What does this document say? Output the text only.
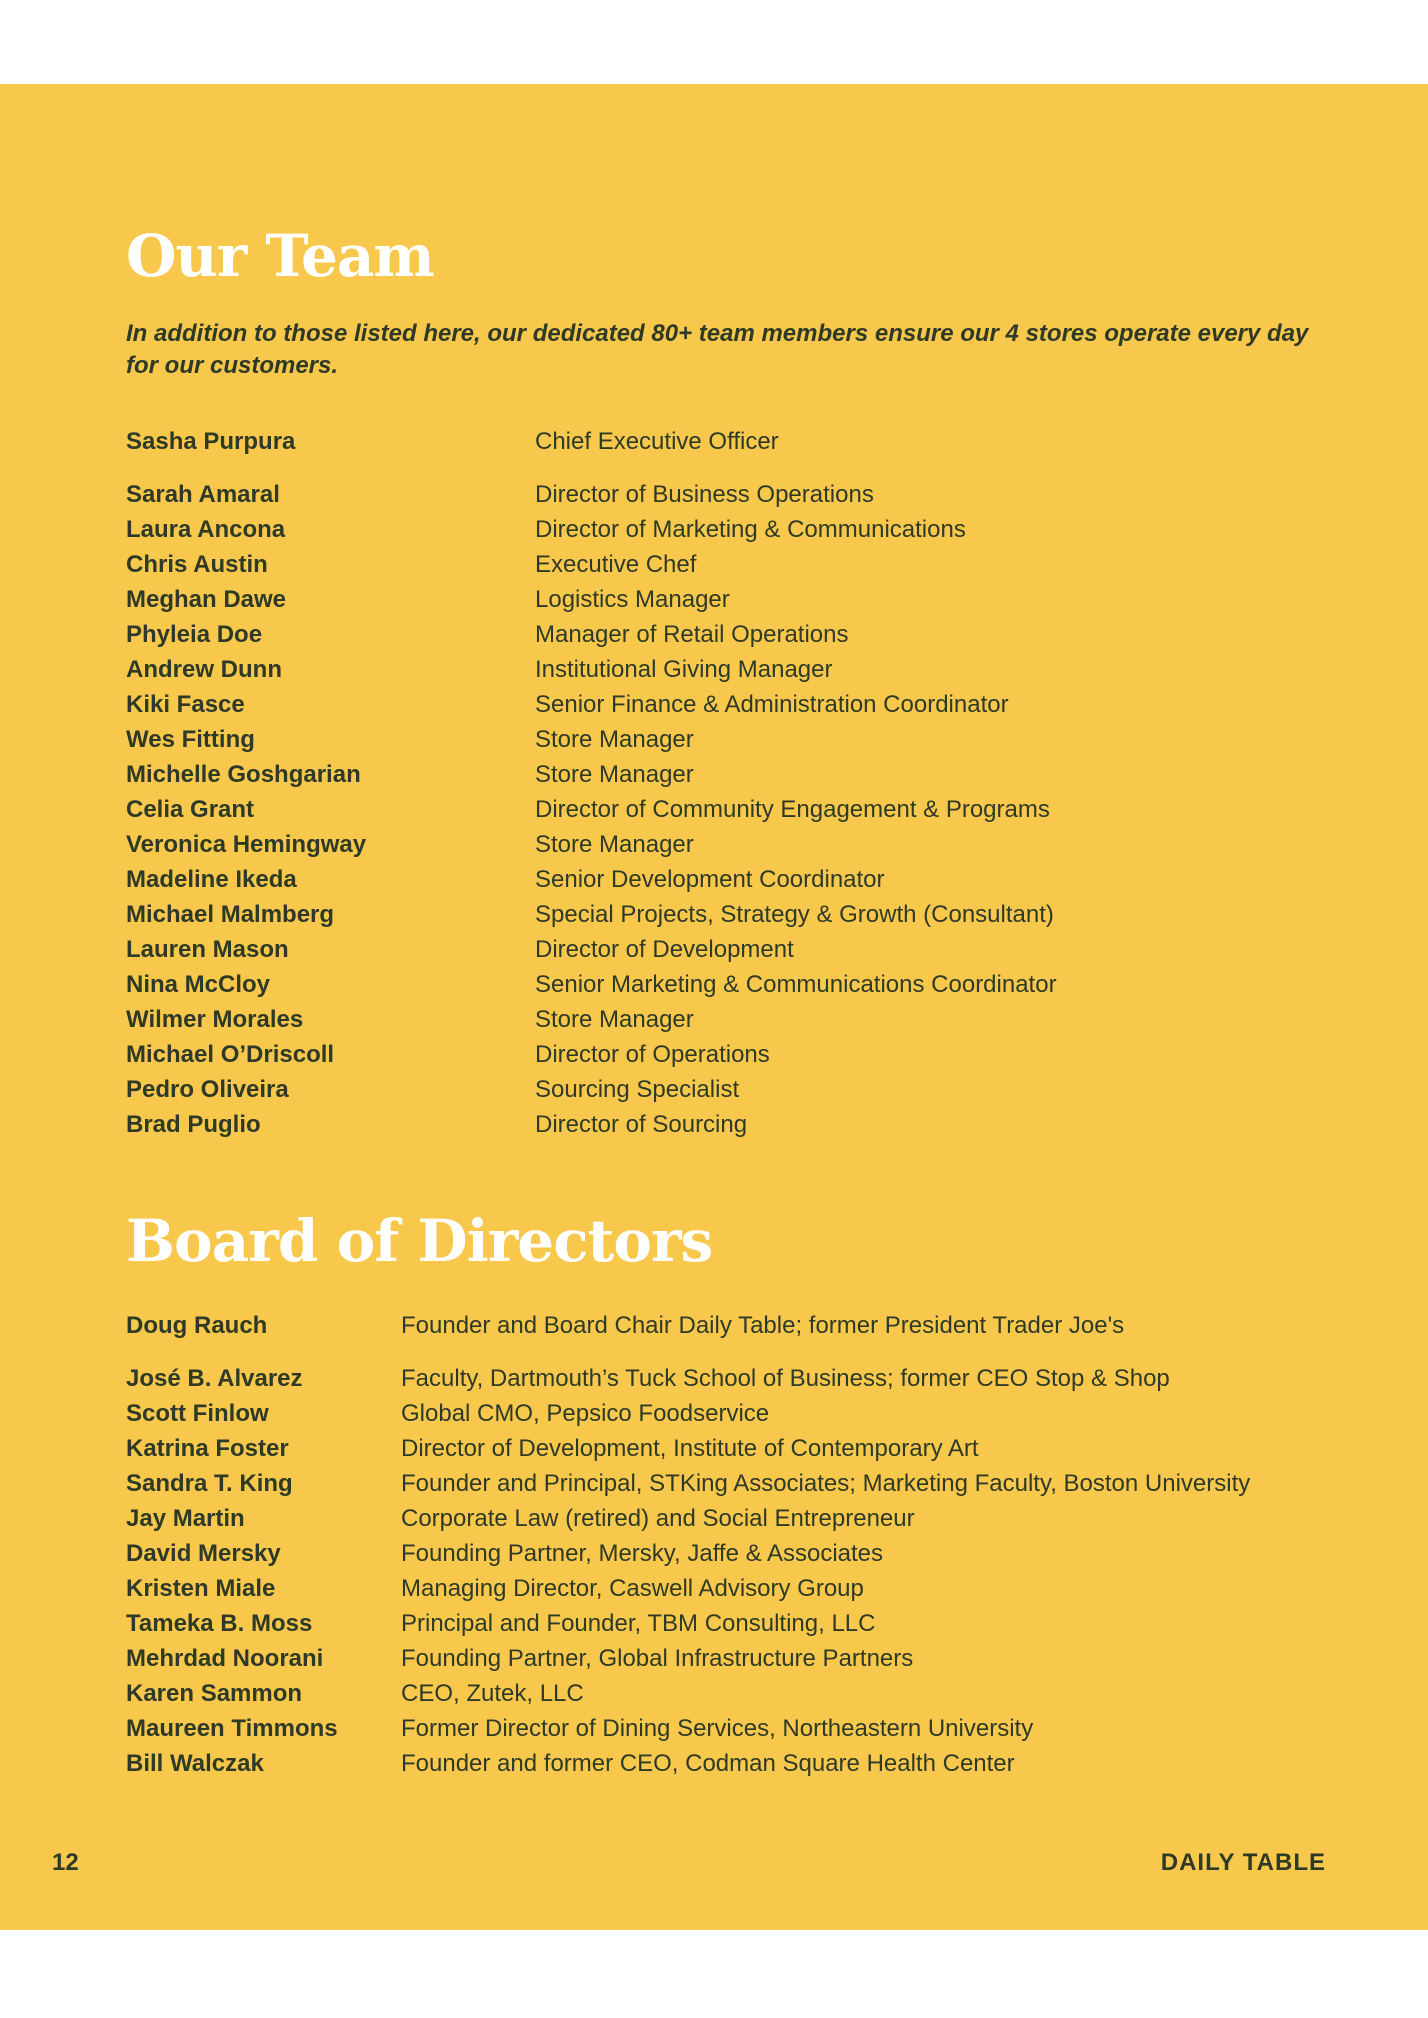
Our Team
In addition to those listed here, our dedicated 80+ team members ensure our 4 stores operate every day for our customers.
Sasha Purpura	Chief Executive Officer
Sarah Amaral	Director of Business Operations
Laura Ancona	Director of Marketing & Communications
Chris Austin	Executive Chef
Meghan Dawe	Logistics Manager
Phyleia Doe	Manager of Retail Operations
Andrew Dunn	Institutional Giving Manager
Kiki Fasce	Senior Finance & Administration Coordinator
Wes Fitting	Store Manager
Michelle Goshgarian	Store Manager
Celia Grant	Director of Community Engagement & Programs
Veronica Hemingway	Store Manager
Madeline Ikeda	Senior Development Coordinator
Michael Malmberg	Special Projects, Strategy & Growth (Consultant)
Lauren Mason	Director of Development
Nina McCloy	Senior Marketing & Communications Coordinator
Wilmer Morales	Store Manager
Michael O’Driscoll	Director of Operations
Pedro Oliveira	Sourcing Specialist
Brad Puglio	Director of Sourcing
Board of Directors
Doug Rauch	Founder and Board Chair Daily Table; former President Trader Joe's
José B. Alvarez	Faculty, Dartmouth’s Tuck School of Business; former CEO Stop & Shop
Scott Finlow	Global CMO, Pepsico Foodservice
Katrina Foster	Director of Development, Institute of Contemporary Art
Sandra T. King	Founder and Principal, STKing Associates; Marketing Faculty, Boston University
Jay Martin	Corporate Law (retired) and Social Entrepreneur
David Mersky	Founding Partner, Mersky, Jaffe & Associates
Kristen Miale	Managing Director, Caswell Advisory Group
Tameka B. Moss	Principal and Founder, TBM Consulting, LLC
Mehrdad Noorani	Founding Partner, Global Infrastructure Partners
Karen Sammon	CEO, Zutek, LLC
Maureen Timmons	Former Director of Dining Services, Northeastern University
Bill Walczak	Founder and former CEO, Codman Square Health Center
12	DAILY TABLE
